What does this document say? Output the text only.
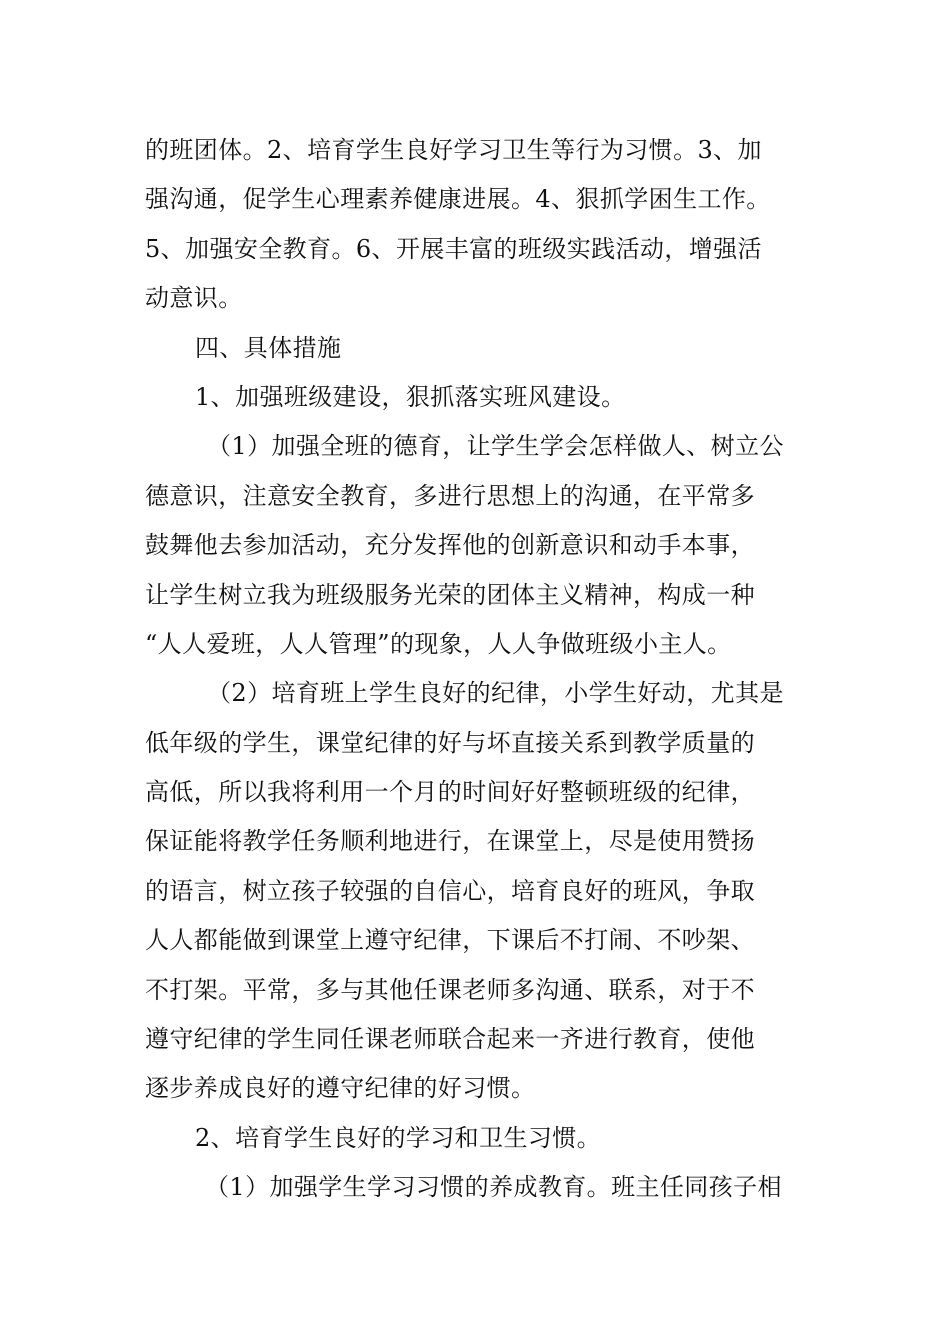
的班团体。2、培育学生良好学习卫生等行为习惯。3、加
强沟通，促学生心理素养健康进展。4、狠抓学困生工作。
5、加强安全教育。6、开展丰富的班级实践活动，增强活
动意识。
四、具体措施
1、加强班级建设，狠抓落实班风建设。
（1）加强全班的德育，让学生学会怎样做人、树立公
德意识，注意安全教育，多进行思想上的沟通，在平常多
鼓舞他去参加活动，充分发挥他的创新意识和动手本事，
让学生树立我为班级服务光荣的团体主义精神，构成一种
“人人爱班，人人管理”的现象，人人争做班级小主人。
（2）培育班上学生良好的纪律，小学生好动，尤其是
低年级的学生，课堂纪律的好与坏直接关系到教学质量的
高低，所以我将利用一个月的时间好好整顿班级的纪律，
保证能将教学任务顺利地进行，在课堂上，尽是使用赞扬
的语言，树立孩子较强的自信心，培育良好的班风，争取
人人都能做到课堂上遵守纪律，下课后不打闹、不吵架、
不打架。平常，多与其他任课老师多沟通、联系，对于不
遵守纪律的学生同任课老师联合起来一齐进行教育，使他
逐步养成良好的遵守纪律的好习惯。
2、培育学生良好的学习和卫生习惯。
（1）加强学生学习习惯的养成教育。班主任同孩子相
